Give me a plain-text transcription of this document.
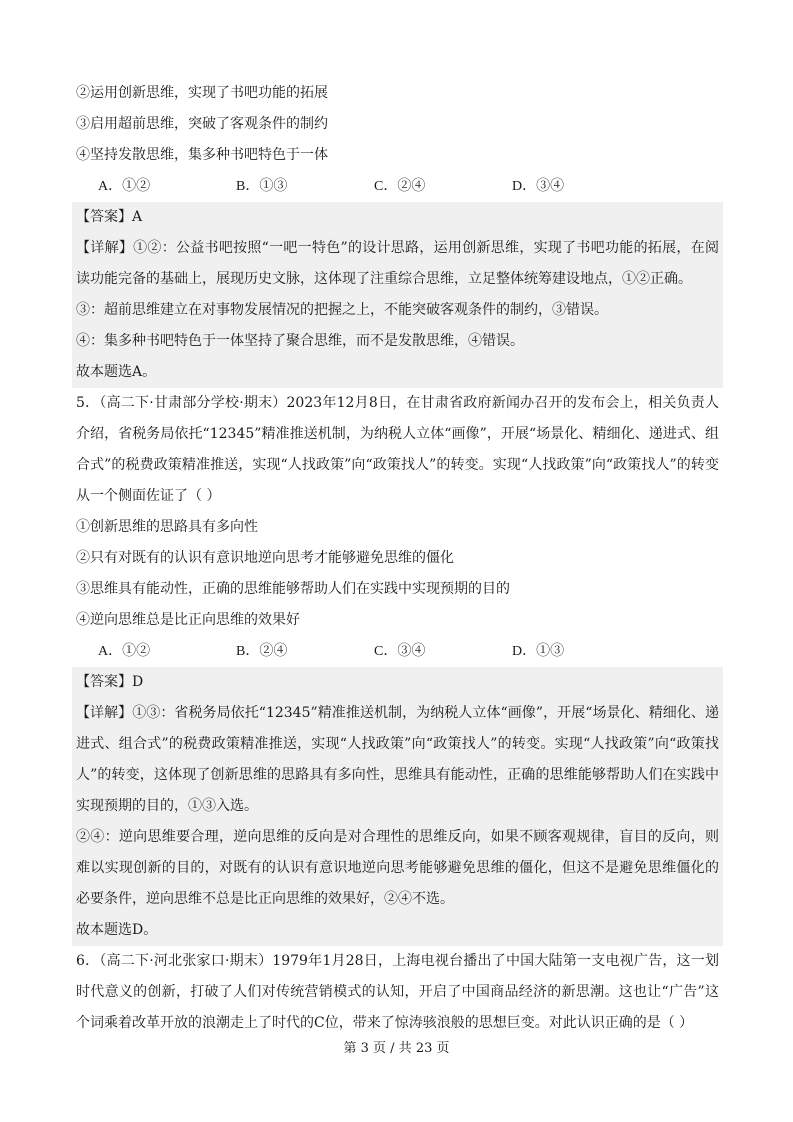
②运用创新思维，实现了书吧功能的拓展
③启用超前思维，突破了客观条件的制约
④坚持发散思维，集多种书吧特色于一体
A．①②	B．①③	C．②④	D．③④
【答案】A
【详解】①②：公益书吧按照“一吧一特色”的设计思路，运用创新思维，实现了书吧功能的拓展，在阅读功能完备的基础上，展现历史文脉，这体现了注重综合思维，立足整体统筹建设地点，①②正确。
③：超前思维建立在对事物发展情况的把握之上，不能突破客观条件的制约，③错误。
④：集多种书吧特色于一体坚持了聚合思维，而不是发散思维，④错误。
故本题选A。
5．（高二下·甘肃部分学校·期末）2023年12月8日，在甘肃省政府新闻办召开的发布会上，相关负责人介绍，省税务局依托“12345”精准推送机制，为纳税人立体“画像”，开展“场景化、精细化、递进式、组合式”的税费政策精准推送，实现“人找政策”向“政策找人”的转变。实现“人找政策”向“政策找人”的转变从一个侧面佐证了（ ）
①创新思维的思路具有多向性
②只有对既有的认识有意识地逆向思考才能够避免思维的僵化
③思维具有能动性，正确的思维能够帮助人们在实践中实现预期的目的
④逆向思维总是比正向思维的效果好
A．①②	B．②④	C．③④	D．①③
【答案】D
【详解】①③：省税务局依托“12345”精准推送机制，为纳税人立体“画像”，开展“场景化、精细化、递进式、组合式”的税费政策精准推送，实现“人找政策”向“政策找人”的转变。实现“人找政策”向“政策找人”的转变，这体现了创新思维的思路具有多向性，思维具有能动性，正确的思维能够帮助人们在实践中实现预期的目的，①③入选。
②④：逆向思维要合理，逆向思维的反向是对合理性的思维反向，如果不顾客观规律，盲目的反向，则难以实现创新的目的，对既有的认识有意识地逆向思考能够避免思维的僵化，但这不是避免思维僵化的必要条件，逆向思维不总是比正向思维的效果好，②④不选。
故本题选D。
6．（高二下·河北张家口·期末）1979年1月28日，上海电视台播出了中国大陆第一支电视广告，这一划时代意义的创新，打破了人们对传统营销模式的认知，开启了中国商品经济的新思潮。这也让“广告”这个词乘着改革开放的浪潮走上了时代的C位，带来了惊涛骇浪般的思想巨变。对此认识正确的是（ ）
第 3 页 / 共 23 页
